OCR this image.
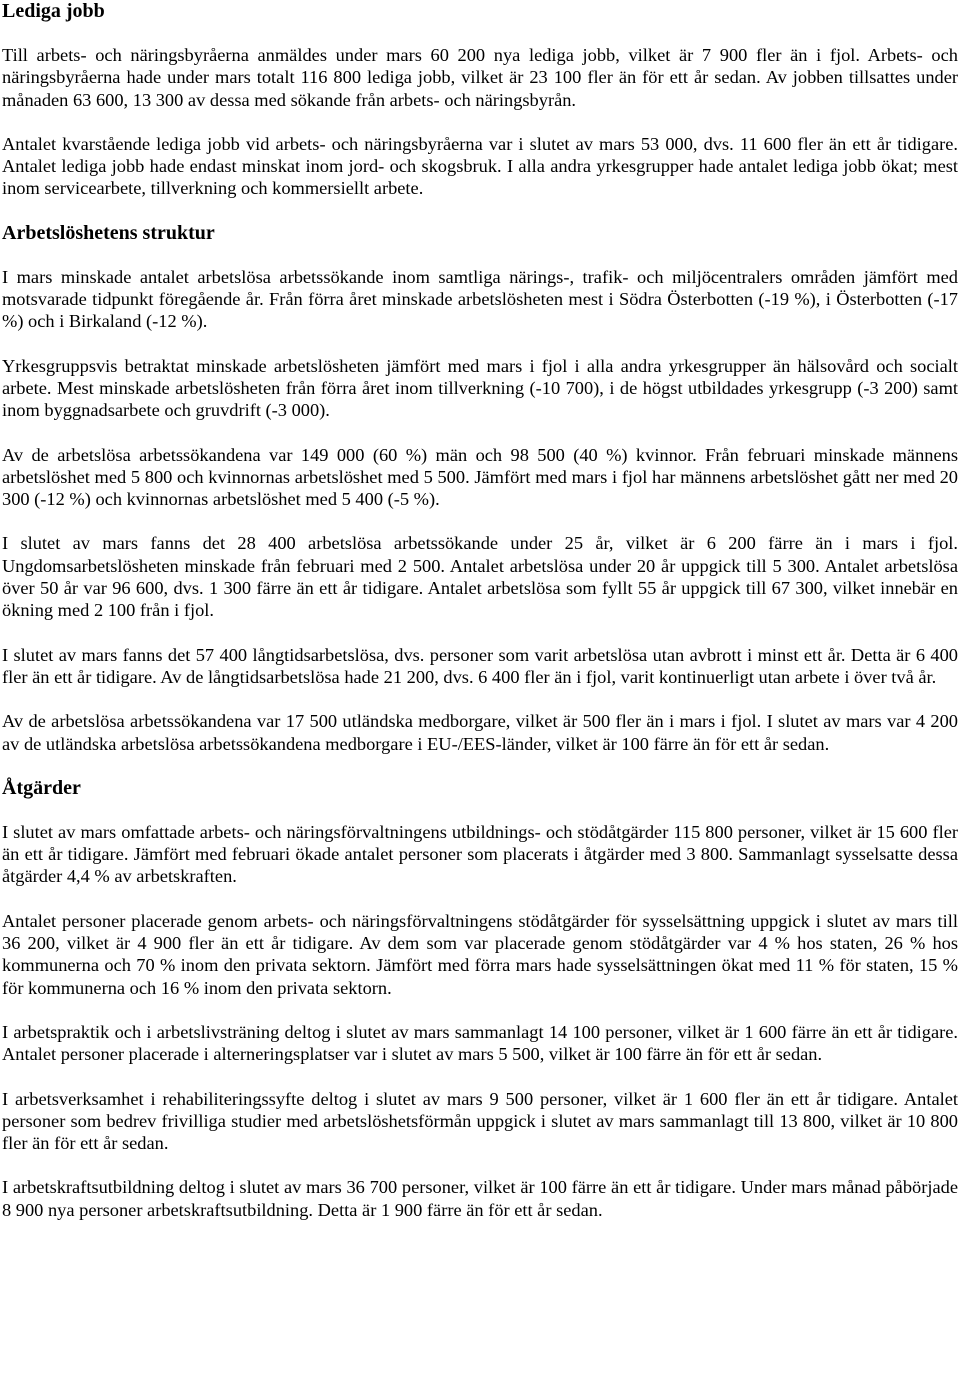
Lediga jobb

Till arbets- och näringsbyråerna anmäldes under mars 60 200 nya lediga jobb, vilket är 7 900 fler än i fjol. Arbets- och näringsbyråerna hade under mars totalt 116 800 lediga jobb, vilket är 23 100 fler än för ett år sedan. Av jobben tillsattes under månaden 63 600, 13 300 av dessa med sökande från arbets- och näringsbyrån.

Antalet kvarstående lediga jobb vid arbets- och näringsbyråerna var i slutet av mars 53 000, dvs. 11 600 fler än ett år tidigare. Antalet lediga jobb hade endast minskat inom jord- och skogsbruk. I alla andra yrkesgrupper hade antalet lediga jobb ökat; mest inom servicearbete, tillverkning och kommersiellt arbete.

Arbetslöshetens struktur

I mars minskade antalet arbetslösa arbetssökande inom samtliga närings-, trafik- och miljöcentralers områden jämfört med motsvarade tidpunkt föregående år. Från förra året minskade arbetslösheten mest i Södra Österbotten (-19 %), i Österbotten (-17 %) och i Birkaland (-12 %).

Yrkesgruppsvis betraktat minskade arbetslösheten jämfört med mars i fjol i alla andra yrkesgrupper än hälsovård och socialt arbete. Mest minskade arbetslösheten från förra året inom tillverkning (-10 700), i de högst utbildades yrkesgrupp (-3 200) samt inom byggnadsarbete och gruvdrift (-3 000).

Av de arbetslösa arbetssökandena var 149 000 (60 %) män och 98 500 (40 %) kvinnor. Från februari minskade männens arbetslöshet med 5 800 och kvinnornas arbetslöshet med 5 500. Jämfört med mars i fjol har männens arbetslöshet gått ner med 20 300 (-12 %) och kvinnornas arbetslöshet med 5 400 (-5 %).

I slutet av mars fanns det 28 400 arbetslösa arbetssökande under 25 år, vilket är 6 200 färre än i mars i fjol. Ungdomsarbetslösheten minskade från februari med 2 500. Antalet arbetslösa under 20 år uppgick till 5 300. Antalet arbetslösa över 50 år var 96 600, dvs. 1 300 färre än ett år tidigare. Antalet arbetslösa som fyllt 55 år uppgick till 67 300, vilket innebär en ökning med 2 100 från i fjol.

I slutet av mars fanns det 57 400 långtidsarbetslösa, dvs. personer som varit arbetslösa utan avbrott i minst ett år. Detta är 6 400 fler än ett år tidigare. Av de långtidsarbetslösa hade 21 200, dvs. 6 400 fler än i fjol, varit kontinuerligt utan arbete i över två år.

Av de arbetslösa arbetssökandena var 17 500 utländska medborgare, vilket är 500 fler än i mars i fjol. I slutet av mars var 4 200 av de utländska arbetslösa arbetssökandena medborgare i EU-/EES-länder, vilket är 100 färre än för ett år sedan.

Åtgärder

I slutet av mars omfattade arbets- och näringsförvaltningens utbildnings- och stödåtgärder 115 800 personer, vilket är 15 600 fler än ett år tidigare. Jämfört med februari ökade antalet personer som placerats i åtgärder med 3 800. Sammanlagt sysselsatte dessa åtgärder 4,4 % av arbetskraften.

Antalet personer placerade genom arbets- och näringsförvaltningens stödåtgärder för sysselsättning uppgick i slutet av mars till 36 200, vilket är 4 900 fler än ett år tidigare. Av dem som var placerade genom stödåtgärder var 4 % hos staten, 26 % hos kommunerna och 70 % inom den privata sektorn. Jämfört med förra mars hade sysselsättningen ökat med 11 % för staten, 15 % för kommunerna och 16 % inom den privata sektorn.

I arbetspraktik och i arbetslivsträning deltog i slutet av mars sammanlagt 14 100 personer, vilket är 1 600 färre än ett år tidigare. Antalet personer placerade i alterneringsplatser var i slutet av mars 5 500, vilket är 100 färre än för ett år sedan.

I arbetsverksamhet i rehabiliteringssyfte deltog i slutet av mars 9 500 personer, vilket är 1 600 fler än ett år tidigare. Antalet personer som bedrev frivilliga studier med arbetslöshetsförmån uppgick i slutet av mars sammanlagt till 13 800, vilket är 10 800 fler än för ett år sedan.

I arbetskraftsutbildning deltog i slutet av mars 36 700 personer, vilket är 100 färre än ett år tidigare. Under mars månad påbörjade 8 900 nya personer arbetskraftsutbildning. Detta är 1 900 färre än för ett år sedan.
